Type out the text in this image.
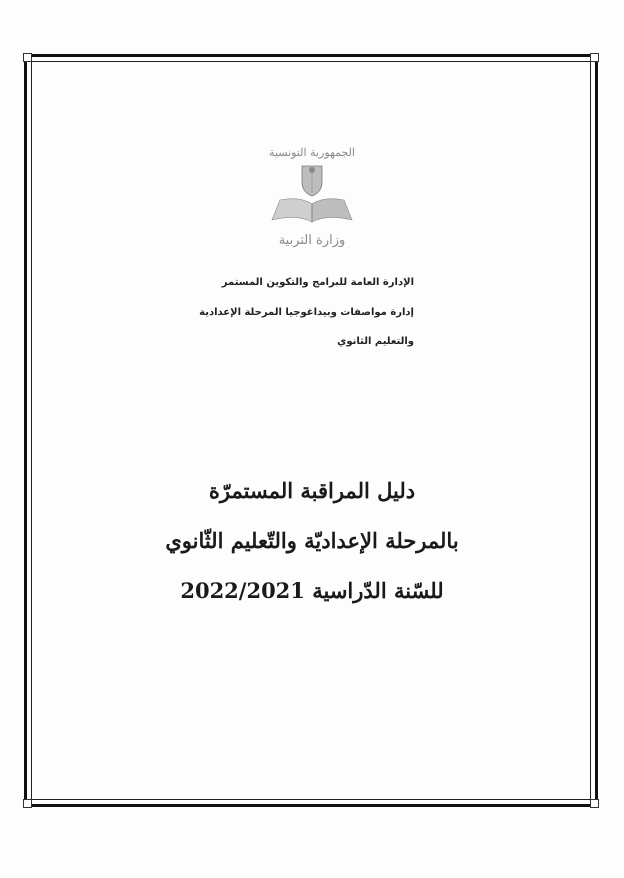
الجمهورية التونسية
وزارة التربية
الإدارة العامة للبرامج والتكوين المستمر
إدارة مواصفات وبيداغوجيا المرحلة الإعدادية
والتعليم الثانوي
دليل المراقبة المستمرّة
بالمرحلة الإعداديّة والتّعليم الثّانوي
للسّنة الدّراسية 2022/2021
